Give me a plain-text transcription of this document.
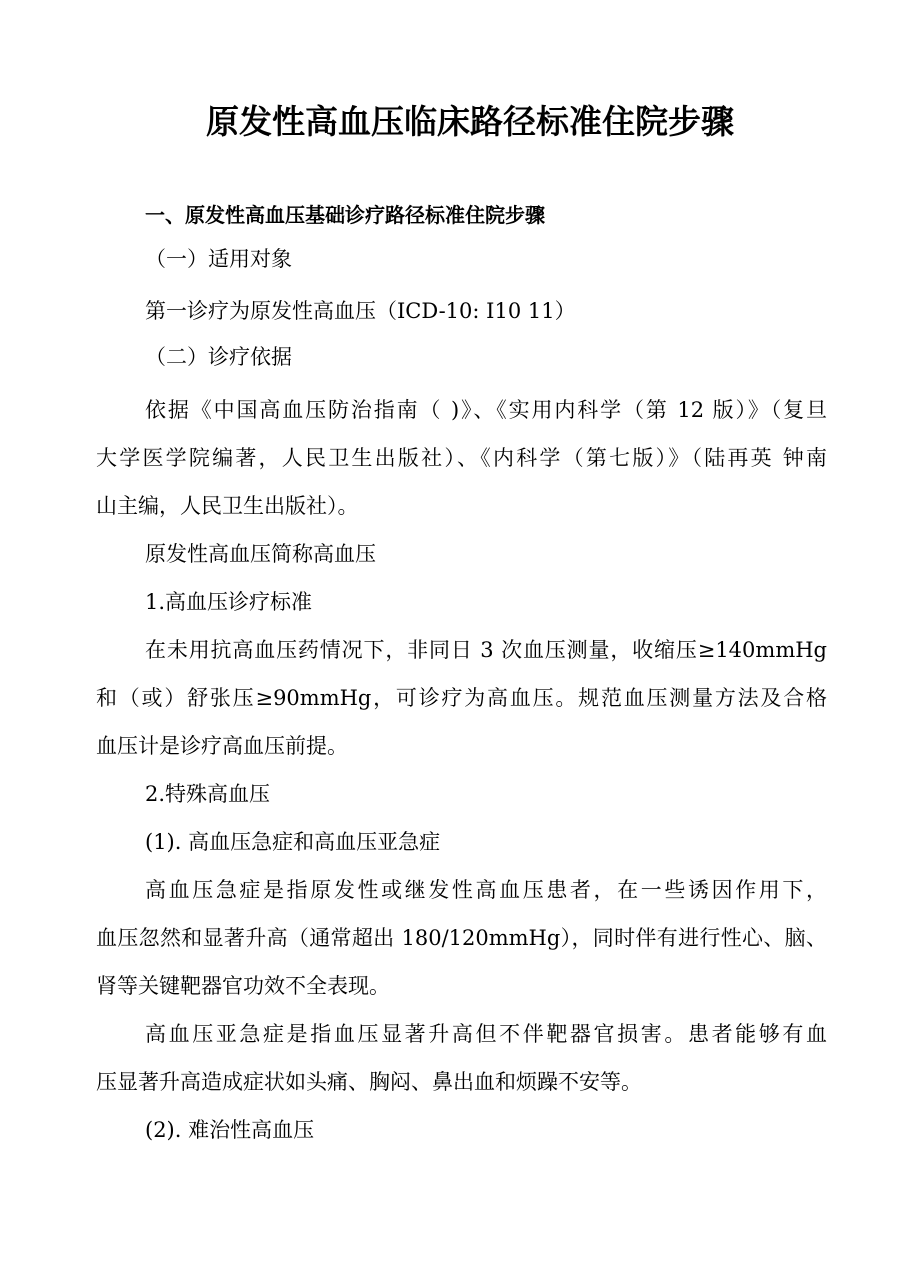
原发性高血压临床路径标准住院步骤
一、原发性高血压基础诊疗路径标准住院步骤
（一）适用对象
第一诊疗为原发性高血压（ICD-10: I10 11）
（二）诊疗依据
依据《中国高血压防治指南（ )》、《实用内科学（第 12 版）》（复旦
大学医学院编著，人民卫生出版社）、《内科学（第七版）》（陆再英 钟南
山主编，人民卫生出版社）。
原发性高血压简称高血压
1.高血压诊疗标准
在未用抗高血压药情况下，非同日 3 次血压测量，收缩压≥140mmHg
和（或）舒张压≥90mmHg，可诊疗为高血压。规范血压测量方法及合格
血压计是诊疗高血压前提。
2.特殊高血压
(1). 高血压急症和高血压亚急症
高血压急症是指原发性或继发性高血压患者，在一些诱因作用下，
血压忽然和显著升高（通常超出 180/120mmHg），同时伴有进行性心、脑、
肾等关键靶器官功效不全表现。
高血压亚急症是指血压显著升高但不伴靶器官损害。患者能够有血
压显著升高造成症状如头痛、胸闷、鼻出血和烦躁不安等。
(2). 难治性高血压
